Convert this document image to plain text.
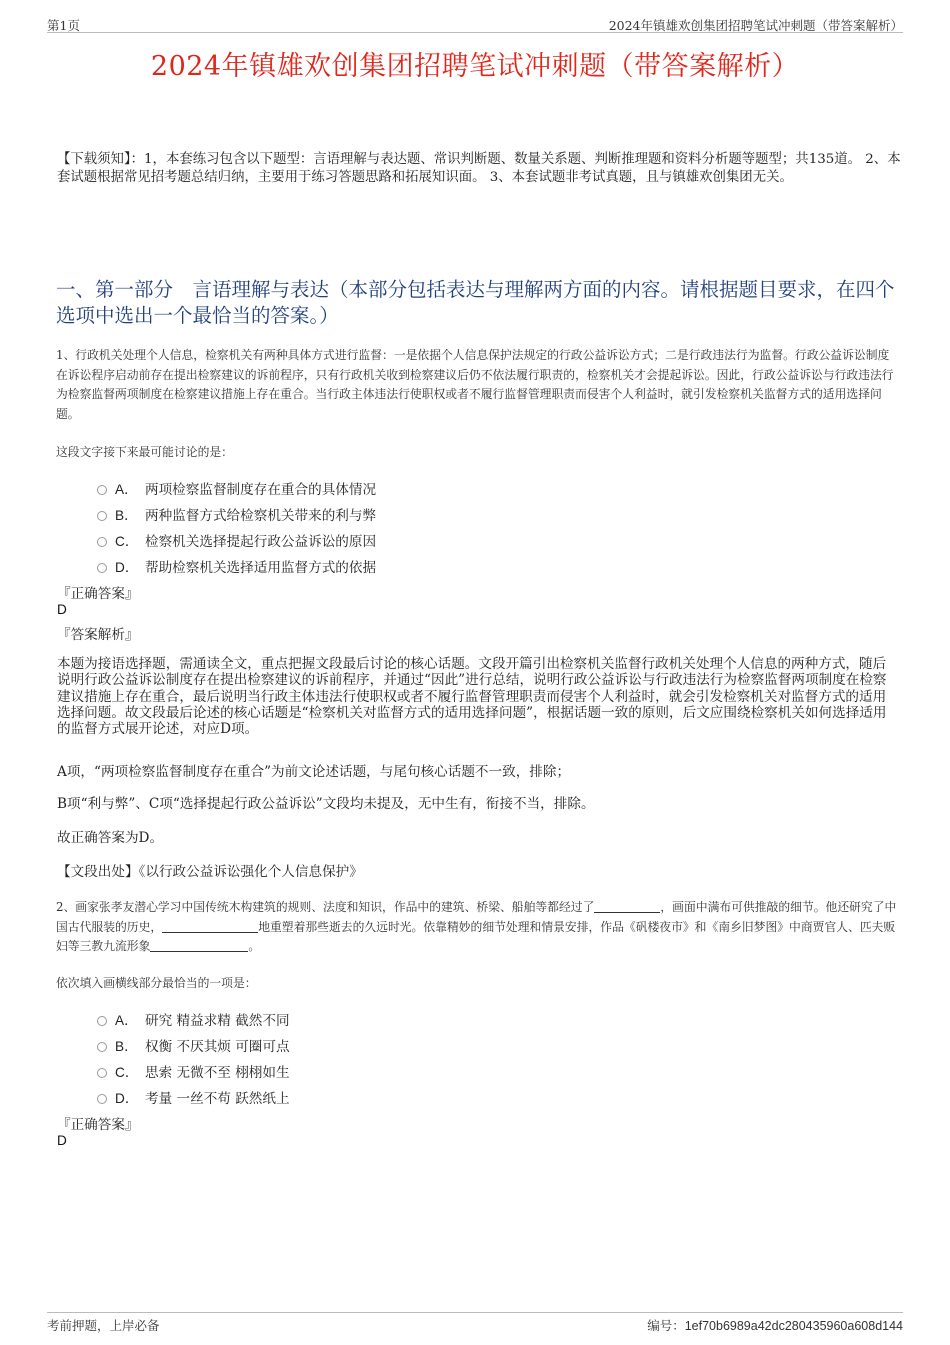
第1页	2024年镇雄欢创集团招聘笔试冲刺题（带答案解析）
2024年镇雄欢创集团招聘笔试冲刺题（带答案解析）
【下载须知】：1，本套练习包含以下题型：言语理解与表达题、常识判断题、数量关系题、判断推理题和资料分析题等题型；共135道。 2、本套试题根据常见招考题总结归纳，主要用于练习答题思路和拓展知识面。 3、本套试题非考试真题，且与镇雄欢创集团无关。
一、第一部分　言语理解与表达（本部分包括表达与理解两方面的内容。请根据题目要求，在四个选项中选出一个最恰当的答案。）
1、行政机关处理个人信息，检察机关有两种具体方式进行监督：一是依据个人信息保护法规定的行政公益诉讼方式；二是行政违法行为监督。行政公益诉讼制度在诉讼程序启动前存在提出检察建议的诉前程序，只有行政机关收到检察建议后仍不依法履行职责的，检察机关才会提起诉讼。因此，行政公益诉讼与行政违法行为检察监督两项制度在检察建议措施上存在重合。当行政主体违法行使职权或者不履行监督管理职责而侵害个人利益时，就引发检察机关监督方式的适用选择问题。
这段文字接下来最可能讨论的是：
A． 两项检察监督制度存在重合的具体情况
B． 两种监督方式给检察机关带来的利与弊
C． 检察机关选择提起行政公益诉讼的原因
D． 帮助检察机关选择适用监督方式的依据
『正确答案』
D
『答案解析』
本题为接语选择题，需通读全文，重点把握文段最后讨论的核心话题。文段开篇引出检察机关监督行政机关处理个人信息的两种方式，随后说明行政公益诉讼制度存在提出检察建议的诉前程序，并通过“因此”进行总结，说明行政公益诉讼与行政违法行为检察监督两项制度在检察建议措施上存在重合，最后说明当行政主体违法行使职权或者不履行监督管理职责而侵害个人利益时，就会引发检察机关对监督方式的适用选择问题。故文段最后论述的核心话题是“检察机关对监督方式的适用选择问题”，根据话题一致的原则，后文应围绕检察机关如何选择适用的监督方式展开论述，对应D项。
A项，“两项检察监督制度存在重合”为前文论述话题，与尾句核心话题不一致，排除；
B项“利与弊”、C项“选择提起行政公益诉讼”文段均未提及，无中生有，衔接不当，排除。
故正确答案为D。
【文段出处】《以行政公益诉讼强化个人信息保护》
2、画家张孝友潜心学习中国传统木构建筑的规则、法度和知识，作品中的建筑、桥梁、船舶等都经过了	，画面中满布可供推敲的细节。他还研究了中国古代服装的历史，	地重塑着那些逝去的久远时光。依靠精妙的细节处理和情景安排，作品《矾楼夜市》和《南乡旧梦图》中商贾官人、匹夫贩妇等三教九流形象	。
依次填入画横线部分最恰当的一项是：
A． 研究 精益求精 截然不同
B． 权衡 不厌其烦 可圈可点
C． 思索 无微不至 栩栩如生
D． 考量 一丝不苟 跃然纸上
『正确答案』
D
考前押题，上岸必备	编号：1ef70b6989a42dc280435960a608d144
